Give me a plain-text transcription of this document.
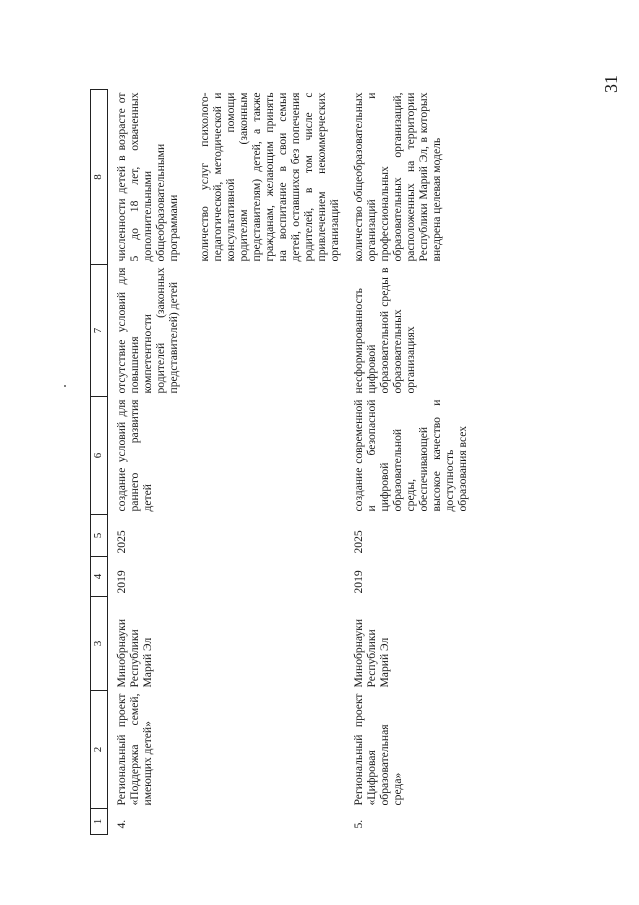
31
1	2	3	4	5	6	7	8
4.	Региональный проект «Поддержка семей, имеющих детей»	Минобрнауки Республики Марий Эл	2019	2025	создание условий для раннего развития детей	отсутствие условий для повышения компетентности родителей (законных представителей) детей	численности детей в возрасте от 5 до 18 лет, охваченных дополнительными общеобразовательными программами количество услуг психолого-педагогической, методической и консультативной помощи родителям (законным представителям) детей, а также гражданам, желающим принять на воспитание в свои семьи детей, оставшихся без попечения родителей, в том числе с привлечением некоммерческих организаций

5.	Региональный проект «Цифровая образовательная среда»	Минобрнауки Республики Марий Эл	2019	2025	создание современной и безопасной цифровой образовательной среды, обеспечивающей высокое качество и доступность образования всех	несформированность цифровой образовательной среды в образовательных организациях	количество общеобразовательных организаций и профессиональных образовательных организаций, расположенных на территории Республики Марий Эл, в которых внедрена целевая модель
